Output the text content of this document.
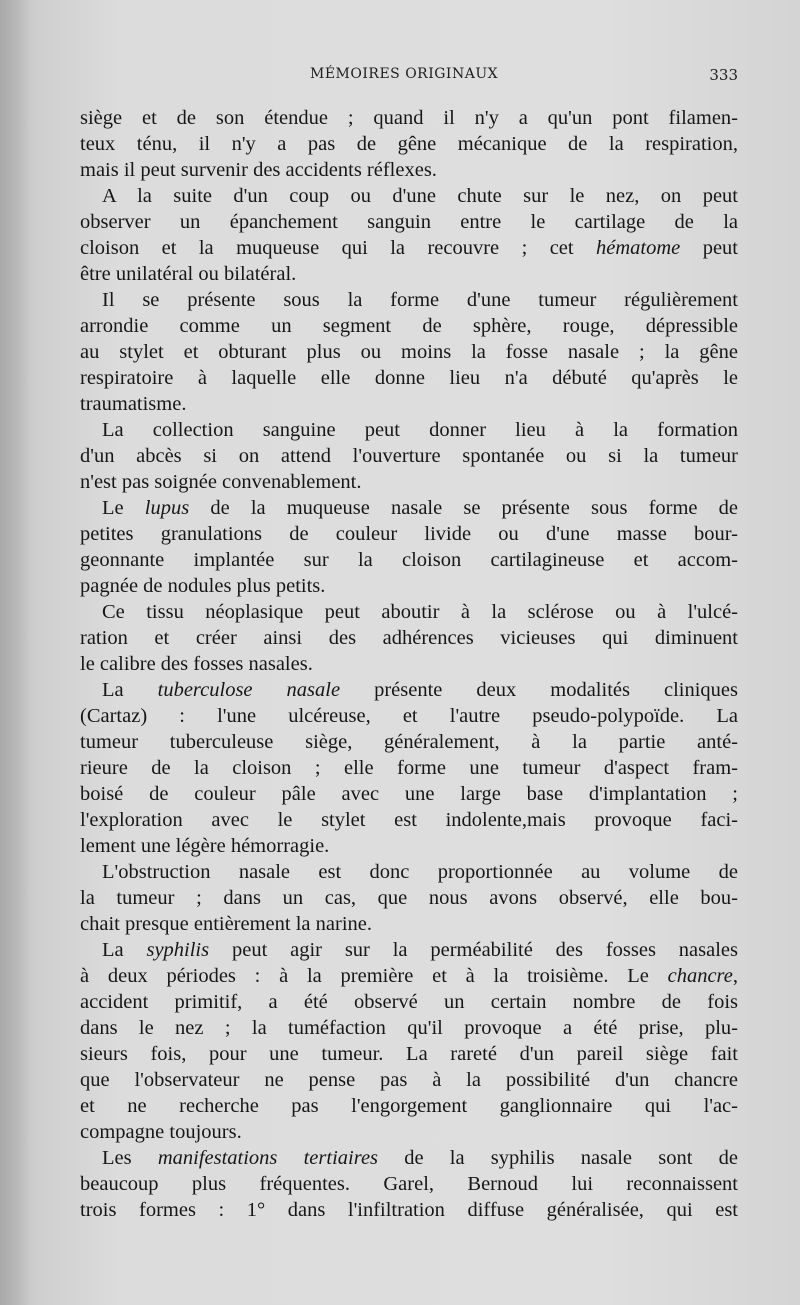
MÉMOIRES ORIGINAUX	333
siège et de son étendue ; quand il n'y a qu'un pont filamen-
teux ténu, il n'y a pas de gêne mécanique de la respiration,
mais il peut survenir des accidents réflexes.
A la suite d'un coup ou d'une chute sur le nez, on peut
observer un épanchement sanguin entre le cartilage de la
cloison et la muqueuse qui la recouvre ; cet hématome peut
être unilatéral ou bilatéral.
Il se présente sous la forme d'une tumeur régulièrement
arrondie comme un segment de sphère, rouge, dépressible
au stylet et obturant plus ou moins la fosse nasale ; la gêne
respiratoire à laquelle elle donne lieu n'a débuté qu'après le
traumatisme.
La collection sanguine peut donner lieu à la formation
d'un abcès si on attend l'ouverture spontanée ou si la tumeur
n'est pas soignée convenablement.
Le lupus de la muqueuse nasale se présente sous forme de
petites granulations de couleur livide ou d'une masse bour-
geonnante implantée sur la cloison cartilagineuse et accom-
pagnée de nodules plus petits.
Ce tissu néoplasique peut aboutir à la sclérose ou à l'ulcé-
ration et créer ainsi des adhérences vicieuses qui diminuent
le calibre des fosses nasales.
La tuberculose nasale présente deux modalités cliniques
(Cartaz) : l'une ulcéreuse, et l'autre pseudo-polypoïde. La
tumeur tuberculeuse siège, généralement, à la partie anté-
rieure de la cloison ; elle forme une tumeur d'aspect fram-
boisé de couleur pâle avec une large base d'implantation ;
l'exploration avec le stylet est indolente,mais provoque faci-
lement une légère hémorragie.
L'obstruction nasale est donc proportionnée au volume de
la tumeur ; dans un cas, que nous avons observé, elle bou-
chait presque entièrement la narine.
La syphilis peut agir sur la perméabilité des fosses nasales
à deux périodes : à la première et à la troisième. Le chancre,
accident primitif, a été observé un certain nombre de fois
dans le nez ; la tuméfaction qu'il provoque a été prise, plu-
sieurs fois, pour une tumeur. La rareté d'un pareil siège fait
que l'observateur ne pense pas à la possibilité d'un chancre
et ne recherche pas l'engorgement ganglionnaire qui l'ac-
compagne toujours.
Les manifestations tertiaires de la syphilis nasale sont de
beaucoup plus fréquentes. Garel, Bernoud lui reconnaissent
trois formes : 1° dans l'infiltration diffuse généralisée, qui est
